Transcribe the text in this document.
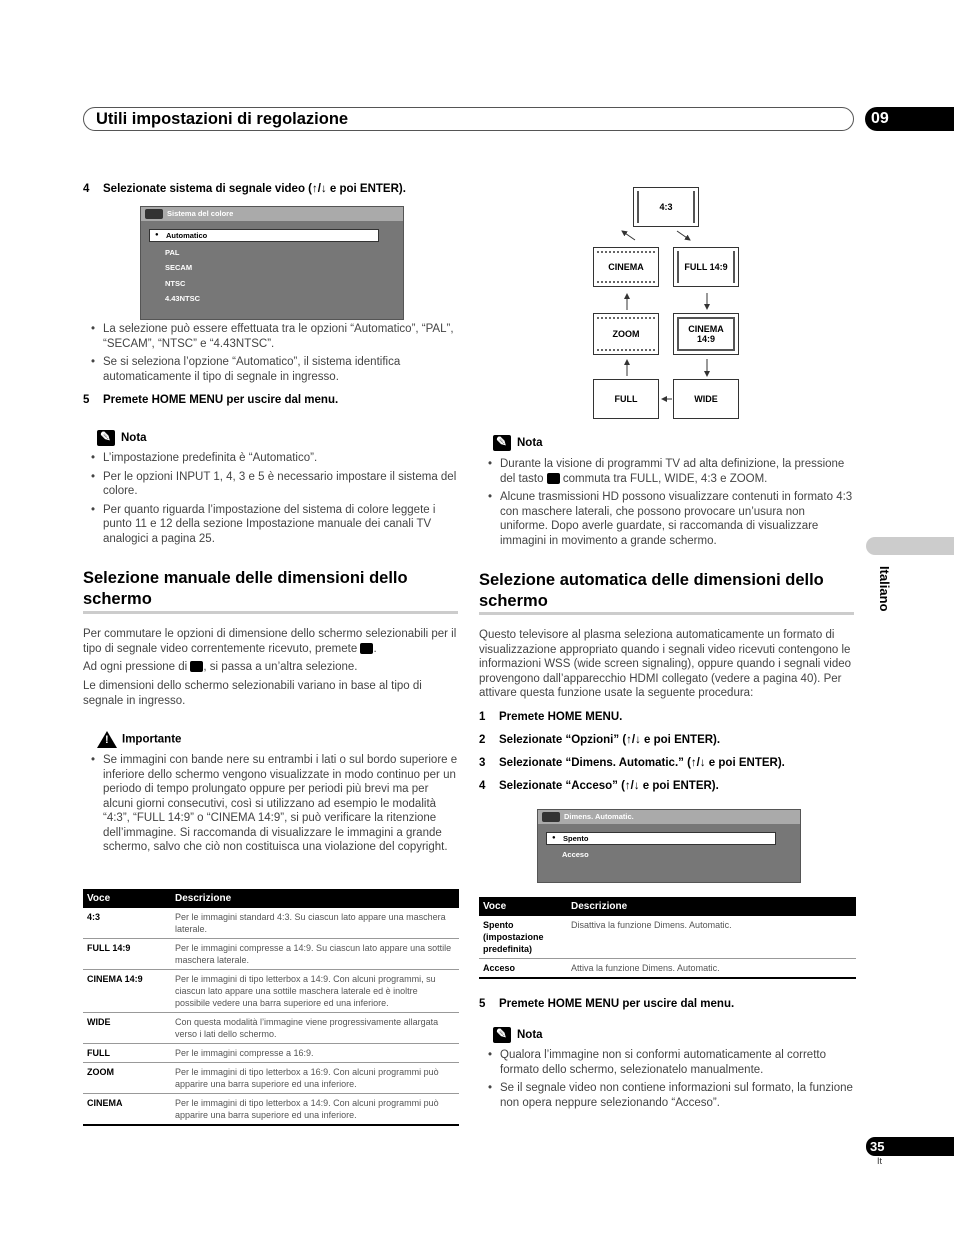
Utili impostazioni di regolazione	09
Italiano
4 Selezionate sistema di segnale video (↑/↓ e poi ENTER).
Sistema del colore
● Automatico
PAL
SECAM
NTSC
4.43NTSC
• La selezione può essere effettuata tra le opzioni “Automatico”, “PAL”, “SECAM”, “NTSC” e “4.43NTSC”.
• Se si seleziona l’opzione “Automatico”, il sistema identifica automaticamente il tipo di segnale in ingresso.
5 Premete HOME MENU per uscire dal menu.
✎Nota
• L’impostazione predefinita è “Automatico”.
• Per le opzioni INPUT 1, 4, 3 e 5 è necessario impostare il sistema del colore.
• Per quanto riguarda l’impostazione del sistema di colore leggete i punto 11 e 12 della sezione Impostazione manuale dei canali TV analogici a pagina 25.
Selezione manuale delle dimensioni dello schermo
Per commutare le opzioni di dimensione dello schermo selezionabili per il tipo di segnale video correntemente ricevuto, premete .
Ad ogni pressione di , si passa a un’altra selezione.
Le dimensioni dello schermo selezionabili variano in base al tipo di segnale in ingresso.
!Importante
• Se immagini con bande nere su entrambi i lati o sul bordo superiore e inferiore dello schermo vengono visualizzate in modo continuo per un periodo di tempo prolungato oppure per periodi più brevi ma per alcuni giorni consecutivi, così si utilizzano ad esempio le modalità “4:3”, “FULL 14:9” o “CINEMA 14:9”, si può verificare la ritenzione dell’immagine. Si raccomanda di visualizzare le immagini a grande schermo, salvo che ciò non costituisca una violazione del copyright.
Voce	Descrizione
4:3	Per le immagini standard 4:3. Su ciascun lato appare una maschera laterale.
FULL 14:9	Per le immagini compresse a 14:9. Su ciascun lato appare una sottile maschera laterale.
CINEMA 14:9	Per le immagini di tipo letterbox a 14:9. Con alcuni programmi, su ciascun lato appare una sottile maschera laterale ed è inoltre possibile vedere una barra superiore ed una inferiore.
WIDE	Con questa modalità l’immagine viene progressivamente allargata verso i lati dello schermo.
FULL	Per le immagini compresse a 16:9.
ZOOM	Per le immagini di tipo letterbox a 16:9. Con alcuni programmi può apparire una barra superiore ed una inferiore.
CINEMA	Per le immagini di tipo letterbox a 14:9. Con alcuni programmi può apparire una barra superiore ed una inferiore.
4:3
CINEMA	FULL 14:9
ZOOM	CINEMA 14:9
FULL	WIDE
✎Nota
• Durante la visione di programmi TV ad alta definizione, la pressione del tasto commuta tra FULL, WIDE, 4:3 e ZOOM.
• Alcune trasmissioni HD possono visualizzare contenuti in formato 4:3 con maschere laterali, che possono provocare un’usura non uniforme. Dopo averle guardate, si raccomanda di visualizzare immagini in movimento a grande schermo.
Selezione automatica delle dimensioni dello schermo
Questo televisore al plasma seleziona automaticamente un formato di visualizzazione appropriato quando i segnali video ricevuti contengono le informazioni WSS (wide screen signaling), oppure quando i segnali video provengono dall’apparecchio HDMI collegato (vedere a pagina 40). Per attivare questa funzione usate la seguente procedura:
1 Premete HOME MENU.
2 Selezionate “Opzioni” (↑/↓ e poi ENTER).
3 Selezionate “Dimens. Automatic.” (↑/↓ e poi ENTER).
4 Selezionate “Acceso” (↑/↓ e poi ENTER).
Dimens. Automatic.
● Spento
Acceso
Voce	Descrizione
Spento (impostazione predefinita)	Disattiva la funzione Dimens. Automatic.
Acceso	Attiva la funzione Dimens. Automatic.
5 Premete HOME MENU per uscire dal menu.
✎Nota
• Qualora l’immagine non si conformi automaticamente al corretto formato dello schermo, selezionatelo manualmente.
• Se il segnale video non contiene informazioni sul formato, la funzione non opera neppure selezionando “Acceso”.
35
It
